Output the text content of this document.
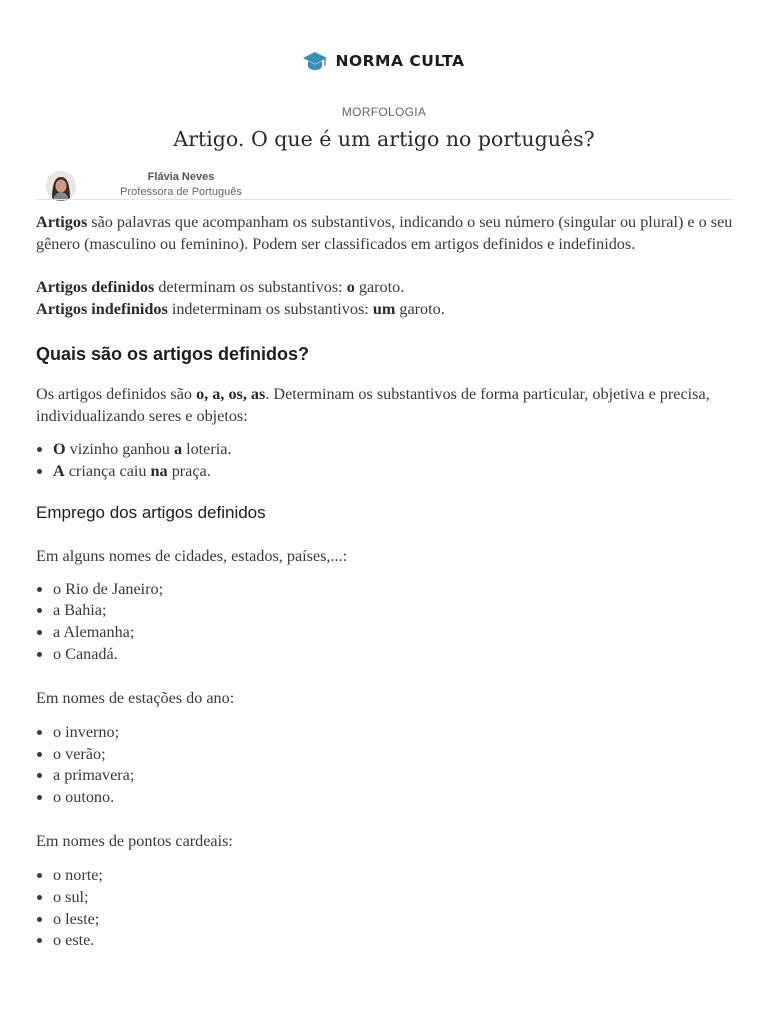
NORMA CULTA
MORFOLOGIA
Artigo. O que é um artigo no português?
Flávia Neves
Professora de Português

Artigos são palavras que acompanham os substantivos, indicando o seu número (singular ou plural) e o seu gênero (masculino ou feminino). Podem ser classificados em artigos definidos e indefinidos.

Artigos definidos determinam os substantivos: o garoto.
Artigos indefinidos indeterminam os substantivos: um garoto.

Quais são os artigos definidos?

Os artigos definidos são o, a, os, as. Determinam os substantivos de forma particular, objetiva e precisa, individualizando seres e objetos:

• O vizinho ganhou a loteria.
• A criança caiu na praça.
Emprego dos artigos definidos

Em alguns nomes de cidades, estados, países,...:

• o Rio de Janeiro;
• a Bahia;
• a Alemanha;
• o Canadá.

Em nomes de estações do ano:

• o inverno;
• o verão;
• a primavera;
• o outono.

Em nomes de pontos cardeais:

• o norte;
• o sul;
• o leste;
• o este.
